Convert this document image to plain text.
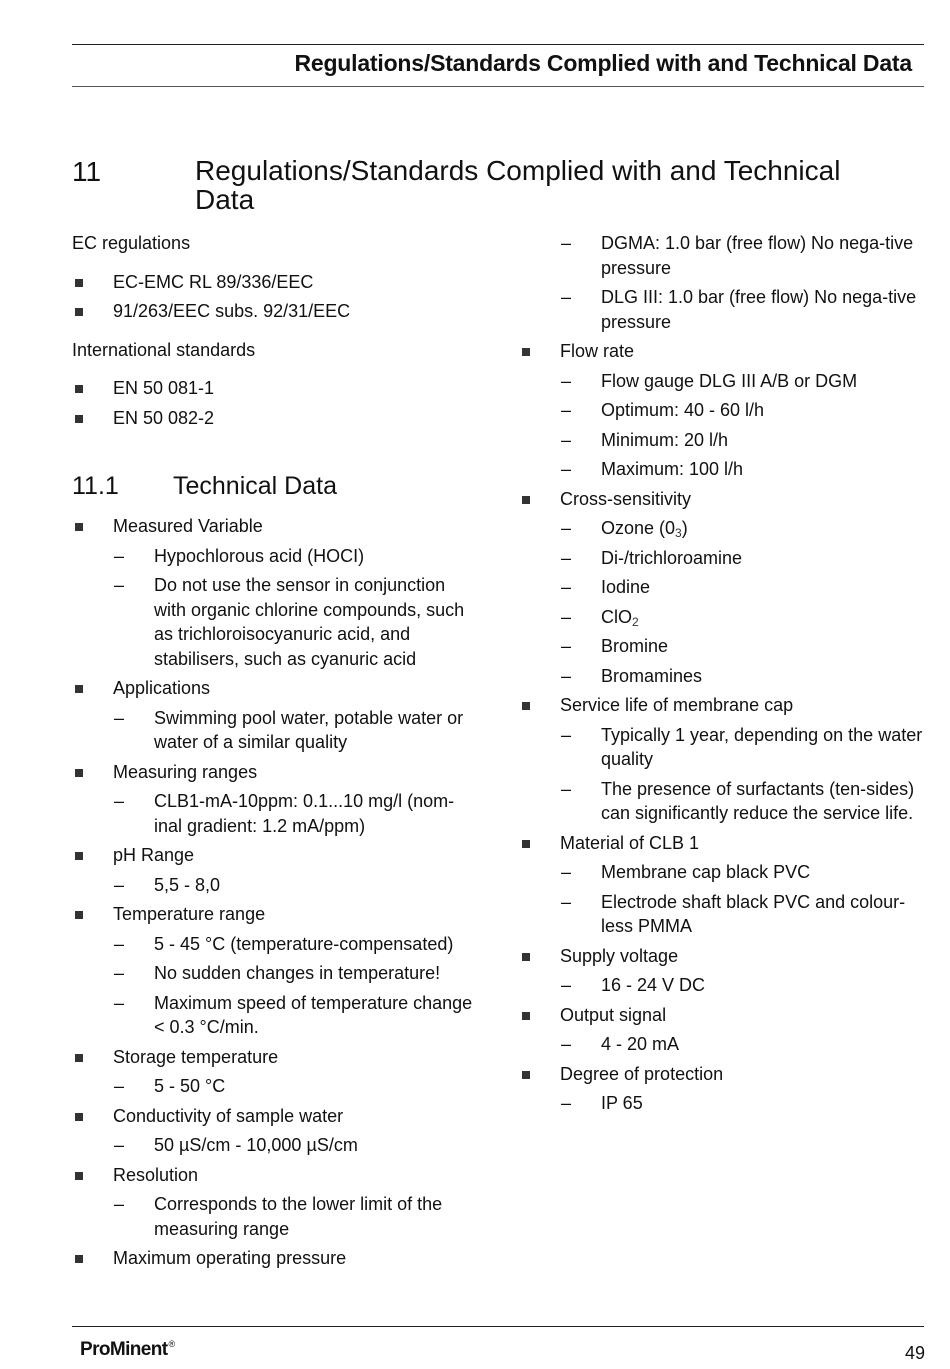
Regulations/Standards Complied with and Technical Data
11	Regulations/Standards Complied with and Technical Data

EC regulations

EC-EMC RL 89/336/EEC
91/263/EEC subs. 92/31/EEC

International standards

EN 50 081-1
EN 50 082-2
11.1 Technical Data
Measured Variable
– Hypochlorous acid (HOCI)
– Do not use the sensor in conjunction with organic chlorine compounds, such as trichloroisocyanuric acid, and stabilisers, such as cyanuric acid
Applications
– Swimming pool water, potable water or water of a similar quality
Measuring ranges
– CLB1-mA-10ppm: 0.1...10 mg/l (nom-inal gradient: 1.2 mA/ppm)
pH Range
– 5,5 - 8,0
Temperature range
– 5 - 45 °C (temperature-compensated)
– No sudden changes in temperature!
– Maximum speed of temperature change < 0.3 °C/min.
Storage temperature
– 5 - 50 °C
Conductivity of sample water
– 50 µS/cm - 10,000 µS/cm
Resolution
– Corresponds to the lower limit of the measuring range
Maximum operating pressure
– DGMA: 1.0 bar (free flow) No nega-tive pressure
– DLG III: 1.0 bar (free flow) No nega-tive pressure
Flow rate
– Flow gauge DLG III A/B or DGM
– Optimum: 40 - 60 l/h
– Minimum: 20 l/h
– Maximum: 100 l/h
Cross-sensitivity
– Ozone $(0_3)$
– Di-/trichloroamine
– Iodine
– ClO$_2$
– Bromine
– Bromamines
Service life of membrane cap
– Typically 1 year, depending on the water quality
– The presence of surfactants (ten-sides) can significantly reduce the service life.
Material of CLB 1
– Membrane cap black PVC
– Electrode shaft black PVC and colour-less PMMA
Supply voltage
– 16 - 24 V DC
Output signal
– 4 - 20 mA
Degree of protection
– IP 65
ProMinent®	49
